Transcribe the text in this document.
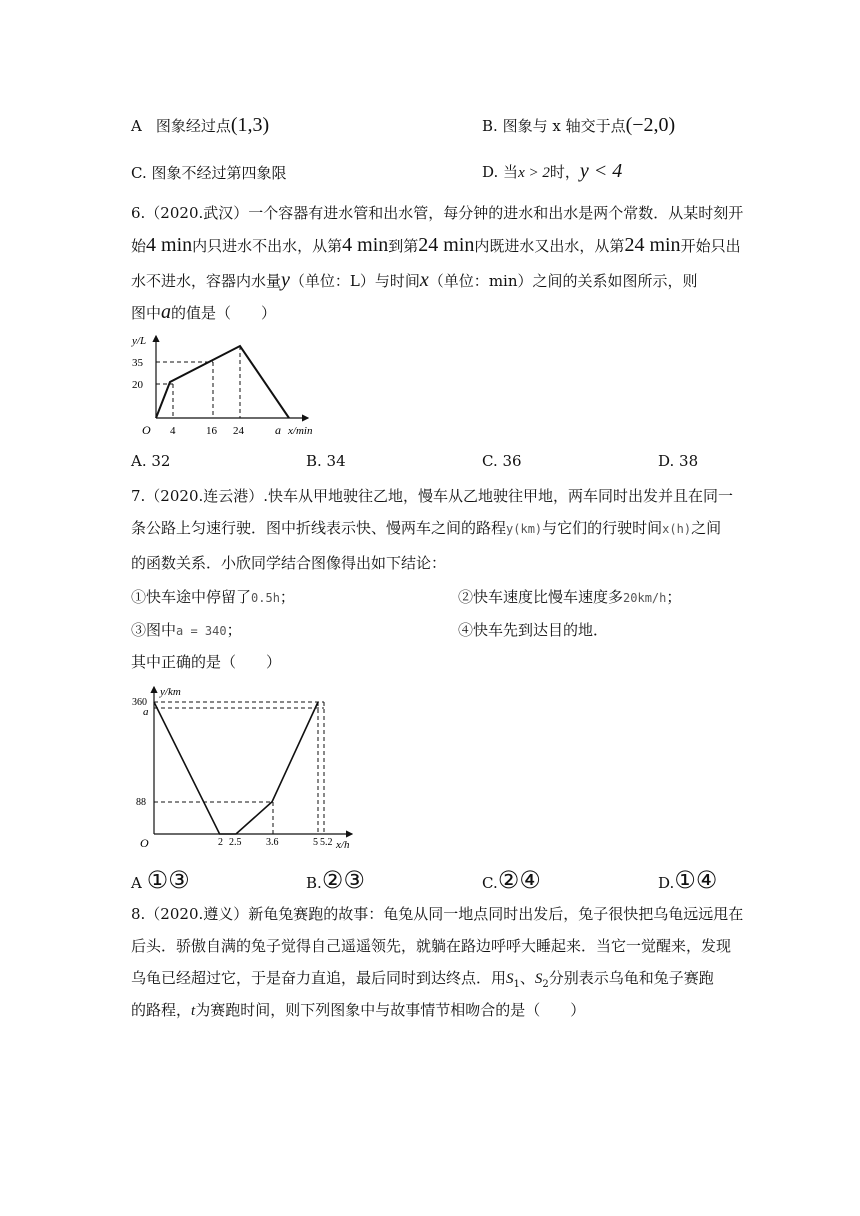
A 图象经过点(1,3)	B. 图象与 x 轴交于点(−2,0)
C. 图象不经过第四象限	D. 当x > 2时，y < 4
6.（2020.武汉）一个容器有进水管和出水管，每分钟的进水和出水是两个常数．从某时刻开
始4 min内只进水不出水，从第4 min到第24 min内既进水又出水，从第24 min开始只出
水不进水，容器内水量y（单位：L）与时间x（单位：min）之间的关系如图所示，则
图中a的值是（　　）
y/L
35
20
O 4	16 24	a x/min
A. 32	B. 34	C. 36	D. 38
7.（2020.连云港）.快车从甲地驶往乙地，慢车从乙地驶往甲地，两车同时出发并且在同一
条公路上匀速行驶．图中折线表示快、慢两车之间的路程y(km)与它们的行驶时间x(h)之间
的函数关系．小欣同学结合图像得出如下结论：
①快车途中停留了0.5h；	②快车速度比慢车速度多20km/h；
③图中a = 340；	④快车先到达目的地．
其中正确的是（　　）
y/km
360
a
88
O	2 2.5 3.6	5 5.2 x/h
A ①③	B.②③	C.②④	D.①④
8.（2020.遵义）新龟兔赛跑的故事：龟兔从同一地点同时出发后，兔子很快把乌龟远远甩在
后头．骄傲自满的兔子觉得自己遥遥领先，就躺在路边呼呼大睡起来．当它一觉醒来，发现
乌龟已经超过它，于是奋力直追，最后同时到达终点．用$S_1$、$S_2$分别表示乌龟和兔子赛跑
的路程，t为赛跑时间，则下列图象中与故事情节相吻合的是（　　）
